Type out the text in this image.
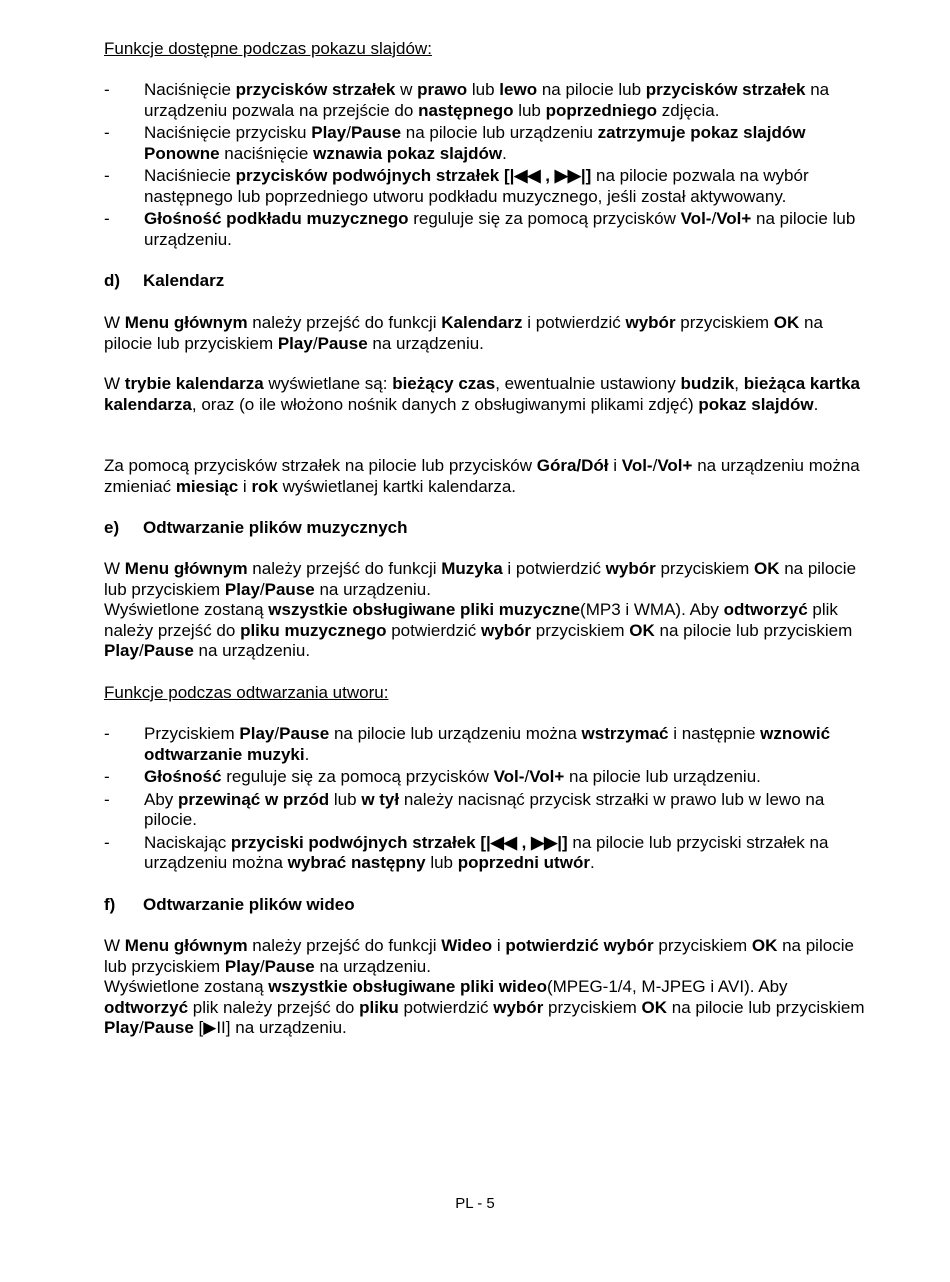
Funkcje dostępne podczas pokazu slajdów:
- Naciśnięcie przycisków strzałek w prawo lub lewo na pilocie lub przycisków strzałek na urządzeniu pozwala na przejście do następnego lub poprzedniego zdjęcia.
- Naciśnięcie przycisku Play/Pause na pilocie lub urządzeniu zatrzymuje pokaz slajdów Ponowne naciśnięcie wznawia pokaz slajdów.
- Naciśniecie przycisków podwójnych strzałek [|◀◀ , ▶▶|] na pilocie pozwala na wybór następnego lub poprzedniego utworu podkładu muzycznego, jeśli został aktywowany.
- Głośność podkładu muzycznego reguluje się za pomocą przycisków Vol-/Vol+ na pilocie lub urządzeniu.
d) Kalendarz

W Menu głównym należy przejść do funkcji Kalendarz i potwierdzić wybór przyciskiem OK na pilocie lub przyciskiem Play/Pause na urządzeniu.

W trybie kalendarza wyświetlane są: bieżący czas, ewentualnie ustawiony budzik, bieżąca kartka kalendarza, oraz (o ile włożono nośnik danych z obsługiwanymi plikami zdjęć) pokaz slajdów.

Za pomocą przycisków strzałek na pilocie lub przycisków Góra/Dół i Vol-/Vol+ na urządzeniu można zmieniać miesiąc i rok wyświetlanej kartki kalendarza.

e) Odtwarzanie plików muzycznych

W Menu głównym należy przejść do funkcji Muzyka i potwierdzić wybór przyciskiem OK na pilocie lub przyciskiem Play/Pause na urządzeniu.
Wyświetlone zostaną wszystkie obsługiwane pliki muzyczne(MP3 i WMA). Aby odtworzyć plik należy przejść do pliku muzycznego potwierdzić wybór przyciskiem OK na pilocie lub przyciskiem Play/Pause na urządzeniu.

Funkcje podczas odtwarzania utworu:
- Przyciskiem Play/Pause na pilocie lub urządzeniu można wstrzymać i następnie wznowić odtwarzanie muzyki.
- Głośność reguluje się za pomocą przycisków Vol-/Vol+ na pilocie lub urządzeniu.
- Aby przewinąć w przód lub w tył należy nacisnąć przycisk strzałki w prawo lub w lewo na pilocie.
- Naciskając przyciski podwójnych strzałek [|◀◀ , ▶▶|] na pilocie lub przyciski strzałek na urządzeniu można wybrać następny lub poprzedni utwór.
f) Odtwarzanie plików wideo

W Menu głównym należy przejść do funkcji Wideo i potwierdzić wybór przyciskiem OK na pilocie lub przyciskiem Play/Pause na urządzeniu.
Wyświetlone zostaną wszystkie obsługiwane pliki wideo(MPEG-1/4, M-JPEG i AVI). Aby odtworzyć plik należy przejść do pliku potwierdzić wybór przyciskiem OK na pilocie lub przyciskiem Play/Pause [▶II] na urządzeniu.

PL - 5
